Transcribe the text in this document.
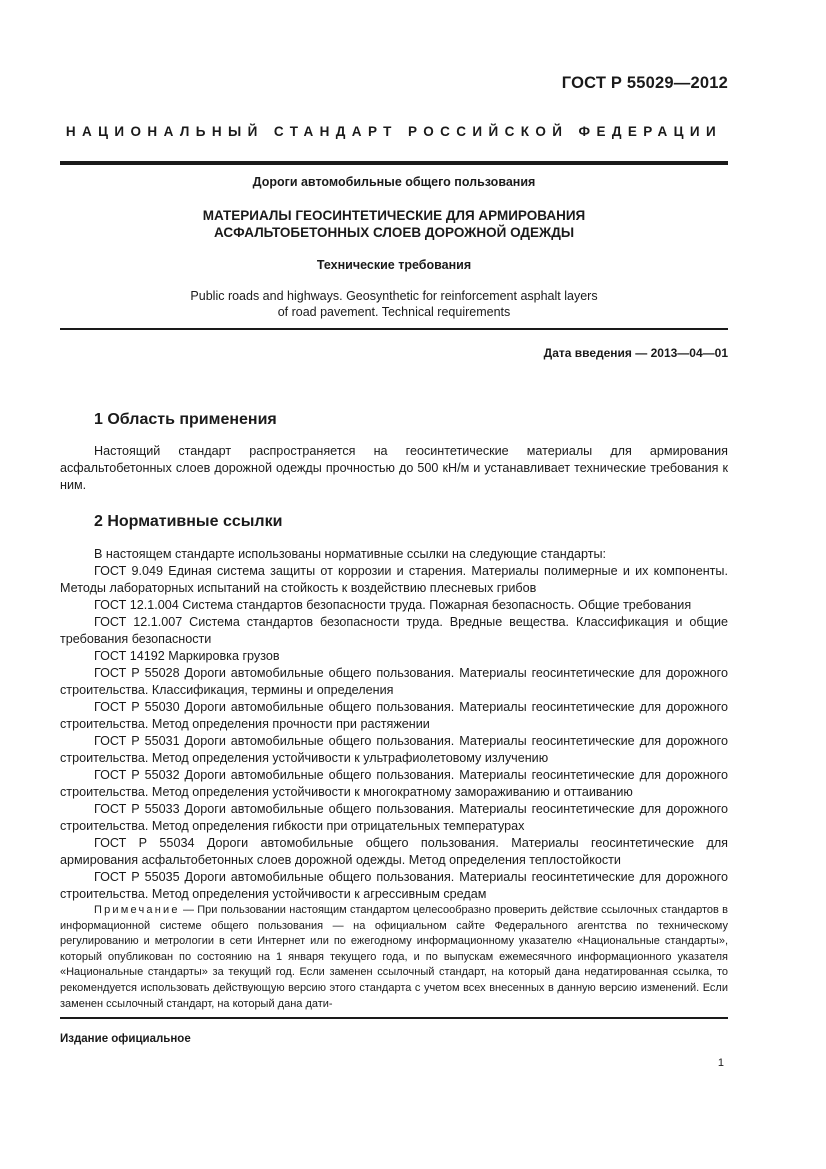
ГОСТ Р 55029—2012
НАЦИОНАЛЬНЫЙ СТАНДАРТ РОССИЙСКОЙ ФЕДЕРАЦИИ
Дороги автомобильные общего пользования
МАТЕРИАЛЫ ГЕОСИНТЕТИЧЕСКИЕ ДЛЯ АРМИРОВАНИЯ
АСФАЛЬТОБЕТОННЫХ СЛОЕВ ДОРОЖНОЙ ОДЕЖДЫ
Технические требования
Public roads and highways. Geosynthetic for reinforcement asphalt layers
of road pavement. Technical requirements
Дата введения — 2013—04—01
1 Область применения

Настоящий стандарт распространяется на геосинтетические материалы для армирования асфальтобетонных слоев дорожной одежды прочностью до 500 кН/м и устанавливает технические требования к ним.

2 Нормативные ссылки

В настоящем стандарте использованы нормативные ссылки на следующие стандарты:

ГОСТ 9.049 Единая система защиты от коррозии и старения. Материалы полимерные и их компоненты. Методы лабораторных испытаний на стойкость к воздействию плесневых грибов

ГОСТ 12.1.004 Система стандартов безопасности труда. Пожарная безопасность. Общие требования

ГОСТ 12.1.007 Система стандартов безопасности труда. Вредные вещества. Классификация и общие требования безопасности

ГОСТ 14192 Маркировка грузов

ГОСТ Р 55028 Дороги автомобильные общего пользования. Материалы геосинтетические для дорожного строительства. Классификация, термины и определения

ГОСТ Р 55030 Дороги автомобильные общего пользования. Материалы геосинтетические для дорожного строительства. Метод определения прочности при растяжении

ГОСТ Р 55031 Дороги автомобильные общего пользования. Материалы геосинтетические для дорожного строительства. Метод определения устойчивости к ультрафиолетовому излучению

ГОСТ Р 55032 Дороги автомобильные общего пользования. Материалы геосинтетические для дорожного строительства. Метод определения устойчивости к многократному замораживанию и оттаиванию

ГОСТ Р 55033 Дороги автомобильные общего пользования. Материалы геосинтетические для дорожного строительства. Метод определения гибкости при отрицательных температурах

ГОСТ Р 55034 Дороги автомобильные общего пользования. Материалы геосинтетические для армирования асфальтобетонных слоев дорожной одежды. Метод определения теплостойкости

ГОСТ Р 55035 Дороги автомобильные общего пользования. Материалы геосинтетические для дорожного строительства. Метод определения устойчивости к агрессивным средам

Примечание — При пользовании настоящим стандартом целесообразно проверить действие ссылочных стандартов в информационной системе общего пользования — на официальном сайте Федерального агентства по техническому регулированию и метрологии в сети Интернет или по ежегодному информационному указателю «Национальные стандарты», который опубликован по состоянию на 1 января текущего года, и по выпускам ежемесячного информационного указателя «Национальные стандарты» за текущий год. Если заменен ссылочный стандарт, на который дана недатированная ссылка, то рекомендуется использовать действующую версию этого стандарта с учетом всех внесенных в данную версию изменений. Если заменен ссылочный стандарт, на который дана дати-

Издание официальное
1
